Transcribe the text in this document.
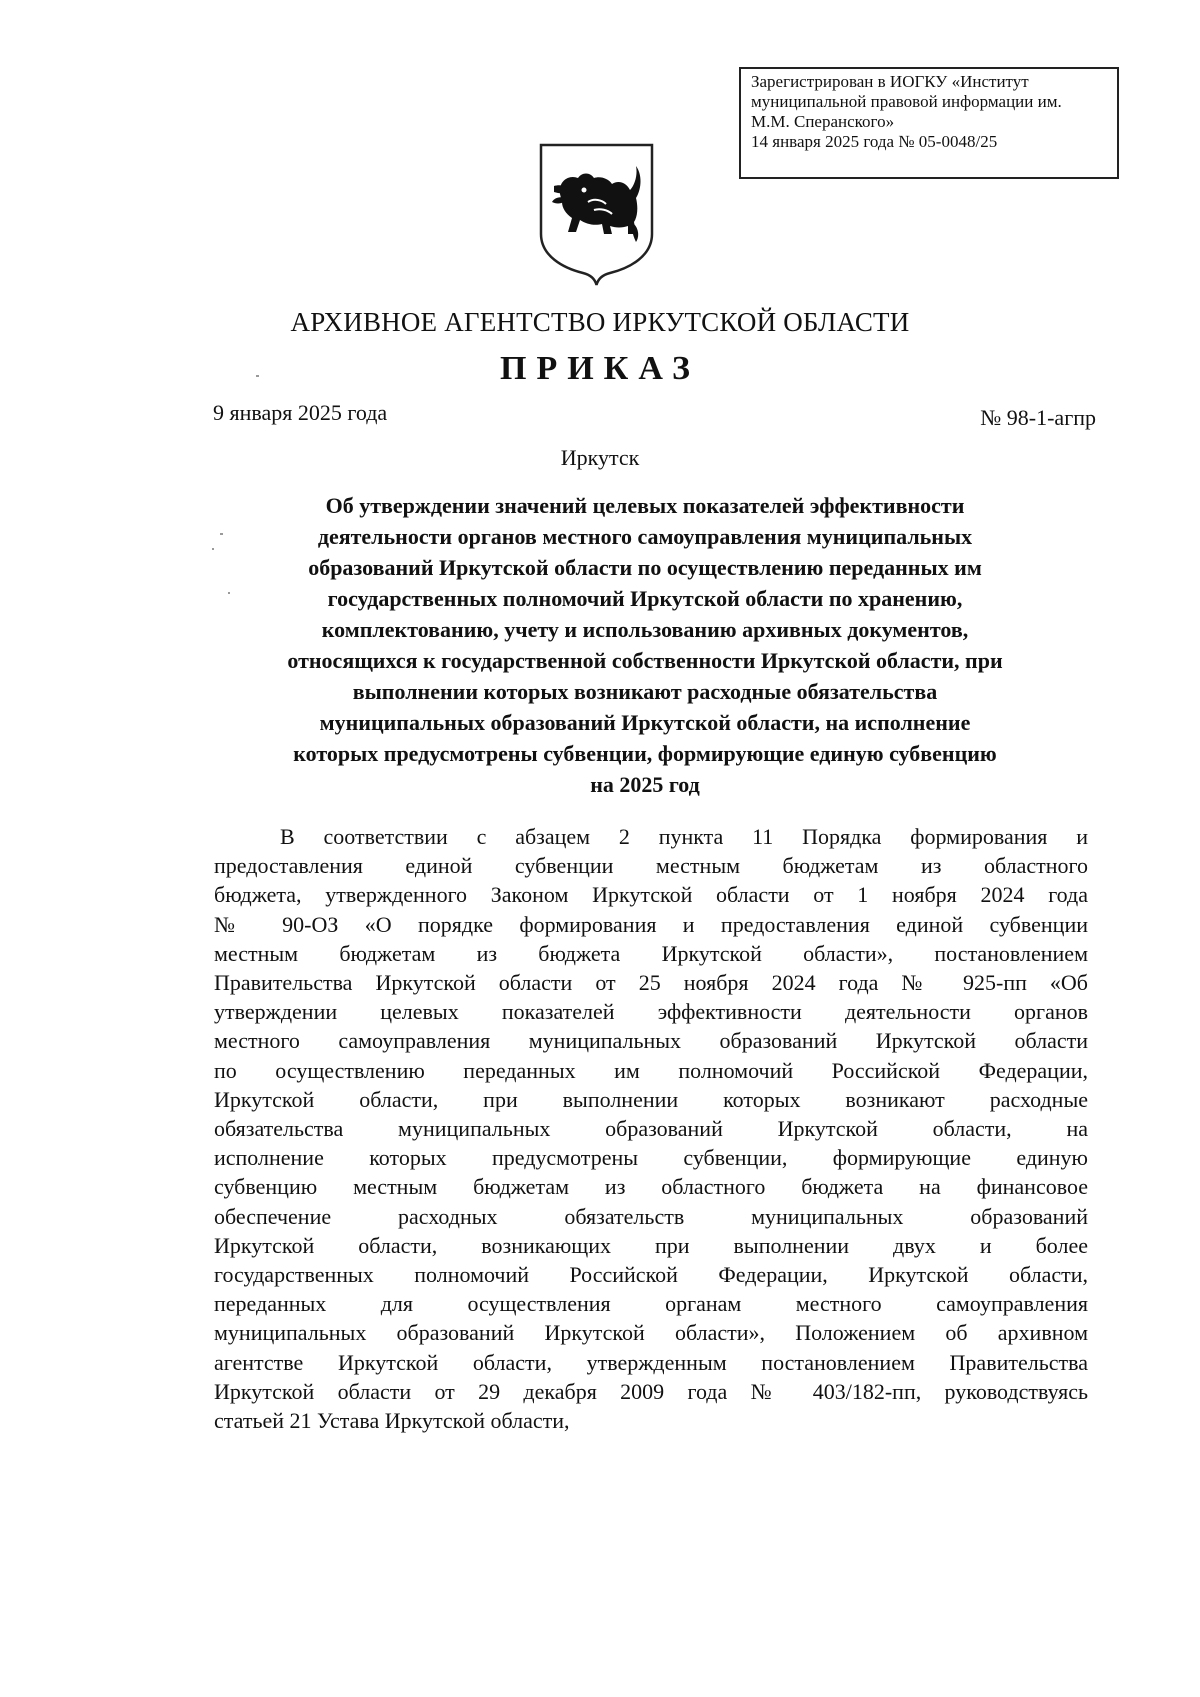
Зарегистрирован в ИОГКУ «Институт
муниципальной правовой информации им.
М.М. Сперанского»
14 января 2025 года № 05-0048/25
АРХИВНОЕ АГЕНТСТВО ИРКУТСКОЙ ОБЛАСТИ
ПРИКАЗ
9 января 2025 года	№ 98-1-агпр
Иркутск
Об утверждении значений целевых показателей эффективности
деятельности органов местного самоуправления муниципальных
образований Иркутской области по осуществлению переданных им
государственных полномочий Иркутской области по хранению,
комплектованию, учету и использованию архивных документов,
относящихся к государственной собственности Иркутской области, при
выполнении которых возникают расходные обязательства
муниципальных образований Иркутской области, на исполнение
которых предусмотрены субвенции, формирующие единую субвенцию
на 2025 год
В соответствии с абзацем 2 пункта 11 Порядка формирования и
предоставления единой субвенции местным бюджетам из областного
бюджета, утвержденного Законом Иркутской области от 1 ноября 2024 года
№ 90-ОЗ «О порядке формирования и предоставления единой субвенции
местным бюджетам из бюджета Иркутской области», постановлением
Правительства Иркутской области от 25 ноября 2024 года № 925-пп «Об
утверждении целевых показателей эффективности деятельности органов
местного самоуправления муниципальных образований Иркутской области
по осуществлению переданных им полномочий Российской Федерации,
Иркутской области, при выполнении которых возникают расходные
обязательства муниципальных образований Иркутской области, на
исполнение которых предусмотрены субвенции, формирующие единую
субвенцию местным бюджетам из областного бюджета на финансовое
обеспечение расходных обязательств муниципальных образований
Иркутской области, возникающих при выполнении двух и более
государственных полномочий Российской Федерации, Иркутской области,
переданных для осуществления органам местного самоуправления
муниципальных образований Иркутской области», Положением об архивном
агентстве Иркутской области, утвержденным постановлением Правительства
Иркутской области от 29 декабря 2009 года № 403/182-пп, руководствуясь
статьей 21 Устава Иркутской области,
